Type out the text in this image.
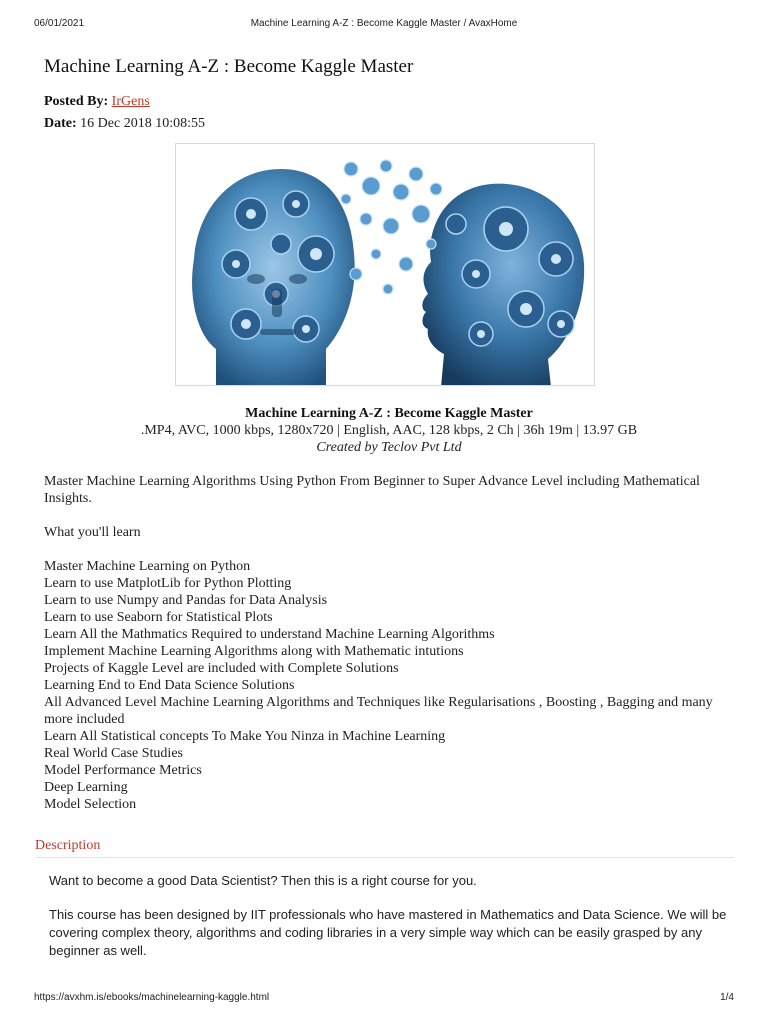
06/01/2021	Machine Learning A-Z : Become Kaggle Master / AvaxHome
Machine Learning A-Z : Become Kaggle Master
Posted By: IrGens
Date: 16 Dec 2018 10:08:55
Machine Learning A-Z : Become Kaggle Master
.MP4, AVC, 1000 kbps, 1280x720 | English, AAC, 128 kbps, 2 Ch | 36h 19m | 13.97 GB
Created by Teclov Pvt Ltd

Master Machine Learning Algorithms Using Python From Beginner to Super Advance Level including Mathematical Insights.

What you'll learn

Master Machine Learning on Python
Learn to use MatplotLib for Python Plotting
Learn to use Numpy and Pandas for Data Analysis
Learn to use Seaborn for Statistical Plots
Learn All the Mathmatics Required to understand Machine Learning Algorithms
Implement Machine Learning Algorithms along with Mathematic intutions
Projects of Kaggle Level are included with Complete Solutions
Learning End to End Data Science Solutions
All Advanced Level Machine Learning Algorithms and Techniques like Regularisations , Boosting , Bagging and many more included
Learn All Statistical concepts To Make You Ninza in Machine Learning
Real World Case Studies
Model Performance Metrics
Deep Learning
Model Selection
Description

Want to become a good Data Scientist? Then this is a right course for you.

This course has been designed by IIT professionals who have mastered in Mathematics and Data Science. We will be covering complex theory, algorithms and coding libraries in a very simple way which can be easily grasped by any beginner as well.

https://avxhm.is/ebooks/machinelearning-kaggle.html	1/4
